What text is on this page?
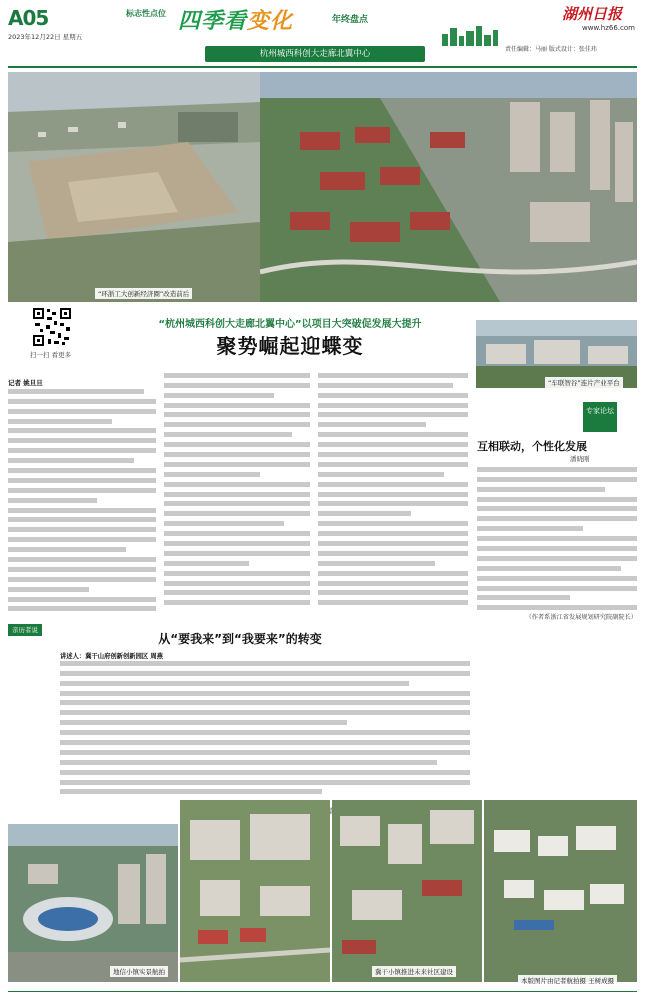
A05
2023年12月22日 星期五
标志性点位 四季看变化	年终盘点
杭州城西科创大走廊北翼中心
湖州日报
www.hz66.com
责任编辑：马丽 版式设计：张佳玮
“环浙工大创新经济圈”改造前后
扫一扫 看更多
“杭州城西科创大走廊北翼中心”以项目大突破促发展大提升
聚势崛起迎蝶变
记者 姚旦旦	“车联智谷”连片产业平台
专家论坛
互相联动，个性化发展
潘晓刚
（作者系浙江省发展规划研究院副院长）
亲历者说
从“要我来”到“我要来”的转变
讲述人：冀干山府创新创新园区 周燕
地信小镇实景航拍	冀干小镇推进未来社区建设
本版图片由记者航拍摄 王树成摄
